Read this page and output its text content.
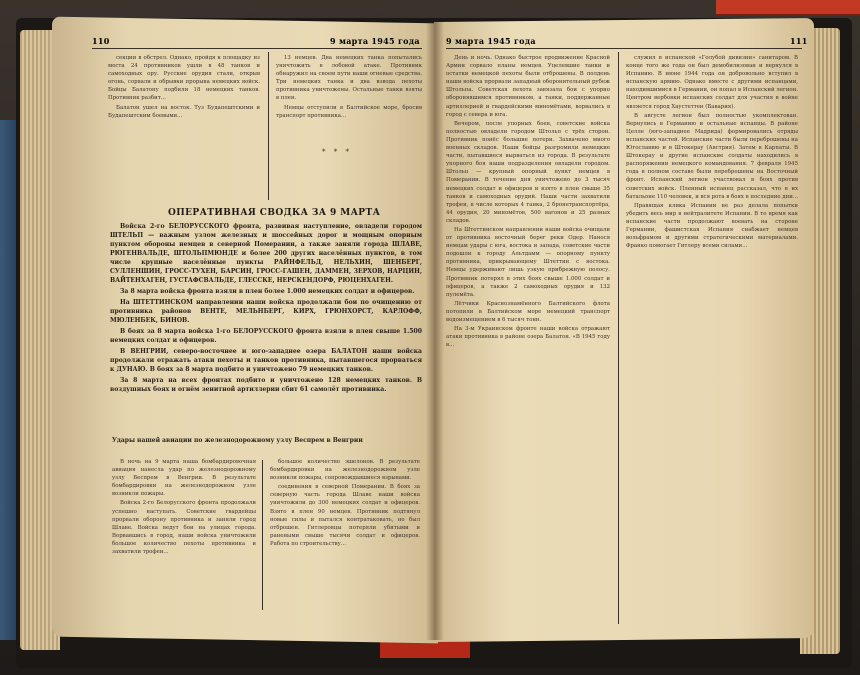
110	9 марта 1945 года	9 марта 1945 года	111

секции в обстрел. Однако, пройдя к площадку из места 24 противников ушли в 48 танков и самоходных ору. Русские орудия стали, открыв огонь, сорвали и обрывки прорыва немецких войск. Бойцы Балатону подбили 18 немецких танков. Противник разбит...

Балатон ушел на восток. Туз Будапештскими и Будапештским боевыми...

13 немцев. Два немецких танка попытались уничтожить в лобовой атаке. Противник обнаружил на своем пути наши огневые средства. Три немецких танка и два взвода пехоты противника уничтожены. Остальные танки взяты в плен.

Немцы отступили в Балтийское море, бросив транспорт противника...

* * *
ОПЕРАТИВНАЯ СВОДКА ЗА 9 МАРТА

Войска 2-го БЕЛОРУССКОГО фронта, развивая наступление, овладели городом ШТЕЛЬП — важным узлом железных и шоссейных дорог и мощным опорным пунктом обороны немцев в северной Померании, а также заняли города ШЛАВЕ, РЮГЕНВАЛЬДЕ, ШТОЛЬПМЮНДЕ и более 200 других населённых пунктов, в том числе крупные населённые пункты РАЙНФЕЛЬД, НЕЛЬХИН, ШЕНБЕРГ, СУЛЛЕНШИН, ГРОСС-ТУХЕН, БАРСИН, ГРОСС-ГАШЕН, ДАММЕН, ЗЕРХОВ, НАРЦИН, ВАЙТЕНХАГЕН, ГУСТАФСВАЛЬДЕ, ГЛЕССКЕ, НЕРСКЕНДОРФ, РЮЦЕНХАГЕН.

За 8 марта войска фронта взяли в плен более 1.000 немецких солдат и офицеров.

На ШТЕТТИНСКОМ направлении наши войска продолжали бои по очищению от противника районов ВЕНТЕ, МЕЛЬНБЕРГ, КИРХ, ГРЮНХОРСТ, КАРЛОФФ, МЮЛЕНБЕК, БИНОВ.

В боях за 8 марта войска 1-го БЕЛОРУССКОГО фронта взяли в плен свыше 1.500 немецких солдат и офицеров.

В ВЕНГРИИ, северо-восточнее и юго-западнее озера БАЛАТОН наши войска продолжали отражать атаки пехоты и танков противника, пытавшегося прорваться к ДУНАЮ. В боях за 8 марта подбито и уничтожено 79 немецких танков.

За 8 марта на всех фронтах подбито и уничтожено 128 немецких танков. В воздушных боях и огнём зенитной артиллерии сбит 61 самолёт противника.

Удары нашей авиации по железнодорожному узлу Веспрем в Венгрии

В ночь на 9 марта наша бомбардировочная авиация нанесла удар по железнодорожному узлу Веспрем в Венгрии. В результате бомбардировки на железнодорожном узле возникли пожары.

Войска 2-го Белорусского фронта продолжали успешно наступать. Советские гвардейцы прорвали оборону противника и заняли город Шлаве. Войска ведут бои на улицах города. Ворвавшись в город, наши войска уничтожили большое количество пехоты противника и захватили трофеи...

большое количество эшелонов. В результате бомбардировки на железнодорожном узле возникли пожары, сопровождавшиеся взрывами.

соединения в северной Померании. В боях за северную часть города Шлаве наши войска уничтожили до 300 немецких солдат и офицеров. Взято в плен 90 немцев. Противник подтянул новые силы и пытался контратаковать, но был отброшен. Гитлеровцы потеряли убитыми и ранеными свыше тысячи солдат и офицеров. Работа по строительству...

День и ночь. Однако быстрое продвижение Красной Армии сорвало планы немцев. Уцелевшие танки и остатки немецкой пехоты были отброшены. В полдень наши войска прорвали западный оборонительный рубеж Штольпа. Советская пехота завязала бои с упорно оборонявшимся противником, а танки, поддержанные артиллерией и гвардейскими миномётами, ворвались в город с севера и юга.

Вечером, после упорных боев, советские войска полностью овладели городом Штольп с трёх сторон. Противник понёс большие потери. Захвачено много военных складов. Наши бойцы разгромили немецкие части, пытавшиеся вырваться из города. В результате упорного боя наши подразделения овладели городом. Штольп — крупный опорный пункт немцев в Померании. В течение дня уничтожено до 3 тысяч немецких солдат и офицеров и взято в плен свыше 35 танков и самоходных орудий. Наши части захватили трофеи, в числе которых 4 танка, 2 бронетранспортёра, 44 орудия, 20 миномётов, 500 вагонов и 25 разных складов.

На Штеттинском направлении наши войска очищали от противника восточный берег реки Одер. Нанося немцам удары с юга, востока и запада, советские части подошли к городу Альтдамм — опорному пункту противника, прикрывающему Штеттин с востока. Немцы удерживают лишь узкую прибрежную полосу. Противник потерял в этих боях свыше 1.000 солдат и офицеров, а также 2 самоходных орудия и 132 пулемёта.

Лётчики Краснознамённого Балтийского флота потопили в Балтийском море немецкий транспорт водоизмещением в 6 тысяч тонн.

На 3-м Украинском фронте наши войска отражают атаки противника в районе озера Балатон. «В 1945 году в...

служил в испанской «Голубой дивизии» санитаром. В конце того же года он был демобилизован и вернулся в Испанию. В июне 1944 года он добровольно вступил в испанскую армию. Однако вместе с другими испанцами, находившимися в Германии, он попал в Испанский легион. Центром вербовки испанских солдат для участия в войне является город Хаустеттен (Бавария).

В августе легион был полностью укомплектован. Вернулись в Германию и остальные испанцы. В районе Целле (юго-западнее Мадрида) формировались отряды испанских частей. Испанские части были переброшены на Югославию и в Штокерау (Австрия). Затем в Карпаты. В Штокерау и другие испанские солдаты находились в распоряжении немецкого командования. 7 февраля 1945 года в полном составе были переброшены на Восточный фронт. Испанский легион участвовал в боях против советских войск. Пленный испанец рассказал, что в их батальоне 110 человек, и вся рота в боях в последние дни...

Правящая клика Испании не раз делала попытки убедить весь мир в нейтралитете Испании. В то время как испанские части продолжают воевать на стороне Германии, фашистская Испания снабжает немцев вольфрамом и другими стратегическими материалами. Франко помогает Гитлеру всеми силами...
